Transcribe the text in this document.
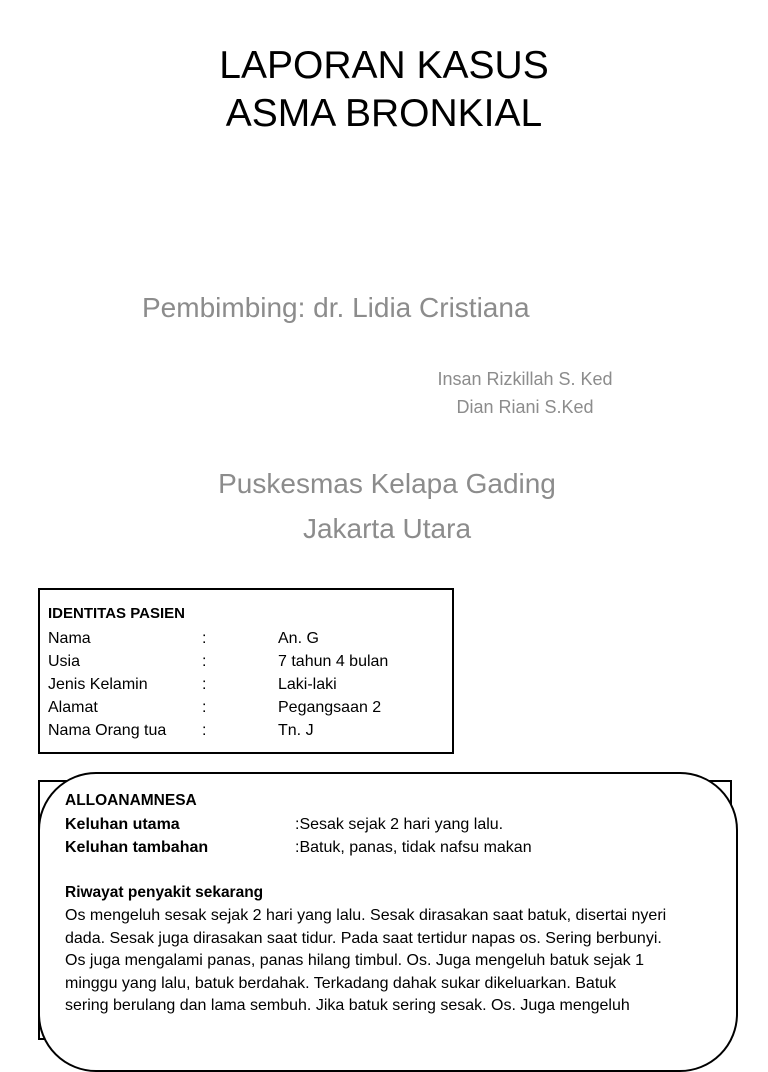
LAPORAN KASUS
ASMA BRONKIAL
Pembimbing: dr. Lidia Cristiana
Insan Rizkillah S. Ked
Dian Riani S.Ked
Puskesmas Kelapa Gading
Jakarta Utara
IDENTITAS PASIEN
Nama	:	An. G
Usia	:	7 tahun 4 bulan
Jenis Kelamin	:	Laki-laki
Alamat	:	Pegangsaan 2
Nama Orang tua :	Tn. J
ALLOANAMNESA
Keluhan utama	:Sesak sejak 2 hari yang lalu.
Keluhan tambahan	:Batuk, panas, tidak nafsu makan
Riwayat penyakit sekarang
Os mengeluh sesak sejak 2 hari yang lalu. Sesak dirasakan saat batuk, disertai nyeri
dada. Sesak juga dirasakan saat tidur. Pada saat tertidur napas os. Sering berbunyi.
Os juga mengalami panas, panas hilang timbul. Os. Juga mengeluh batuk sejak 1
minggu yang lalu, batuk berdahak. Terkadang dahak sukar dikeluarkan. Batuk
sering berulang dan lama sembuh. Jika batuk sering sesak. Os. Juga mengeluh
